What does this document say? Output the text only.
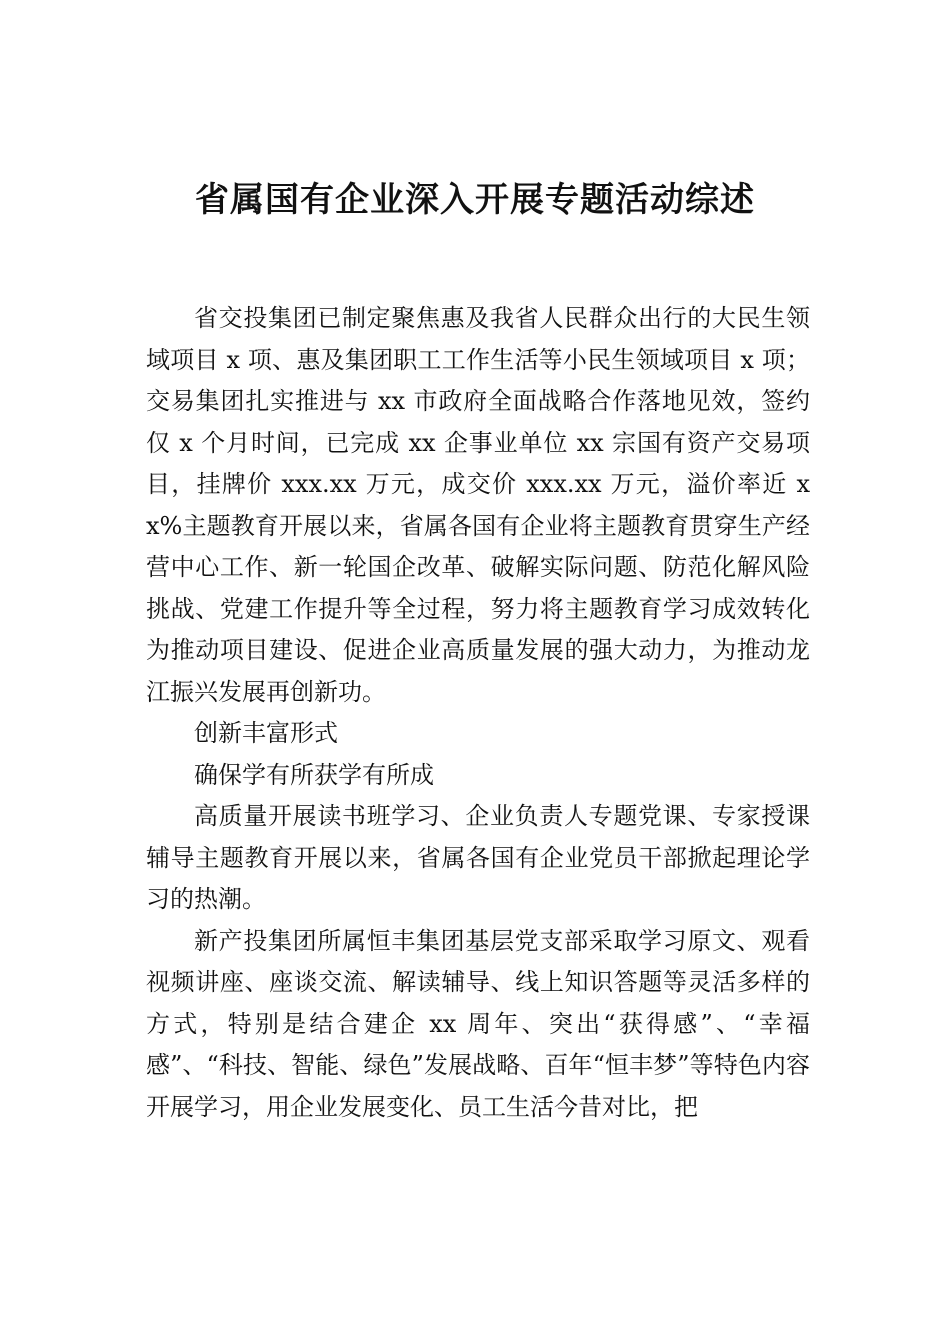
省属国有企业深入开展专题活动综述

省交投集团已制定聚焦惠及我省人民群众出行的大民生领域项目 x 项、惠及集团职工工作生活等小民生领域项目 x 项；交易集团扎实推进与 xx 市政府全面战略合作落地见效，签约仅 x 个月时间，已完成 xx 企事业单位 xx 宗国有资产交易项目，挂牌价 xxx.xx 万元，成交价 xxx.xx 万元，溢价率近 xx%主题教育开展以来，省属各国有企业将主题教育贯穿生产经营中心工作、新一轮国企改革、破解实际问题、防范化解风险挑战、党建工作提升等全过程，努力将主题教育学习成效转化为推动项目建设、促进企业高质量发展的强大动力，为推动龙江振兴发展再创新功。

创新丰富形式

确保学有所获学有所成

高质量开展读书班学习、企业负责人专题党课、专家授课辅导主题教育开展以来，省属各国有企业党员干部掀起理论学习的热潮。

新产投集团所属恒丰集团基层党支部采取学习原文、观看视频讲座、座谈交流、解读辅导、线上知识答题等灵活多样的方式，特别是结合建企 xx 周年、突出“获得感”、“幸福感”、“科技、智能、绿色”发展战略、百年“恒丰梦”等特色内容开展学习，用企业发展变化、员工生活今昔对比，把
